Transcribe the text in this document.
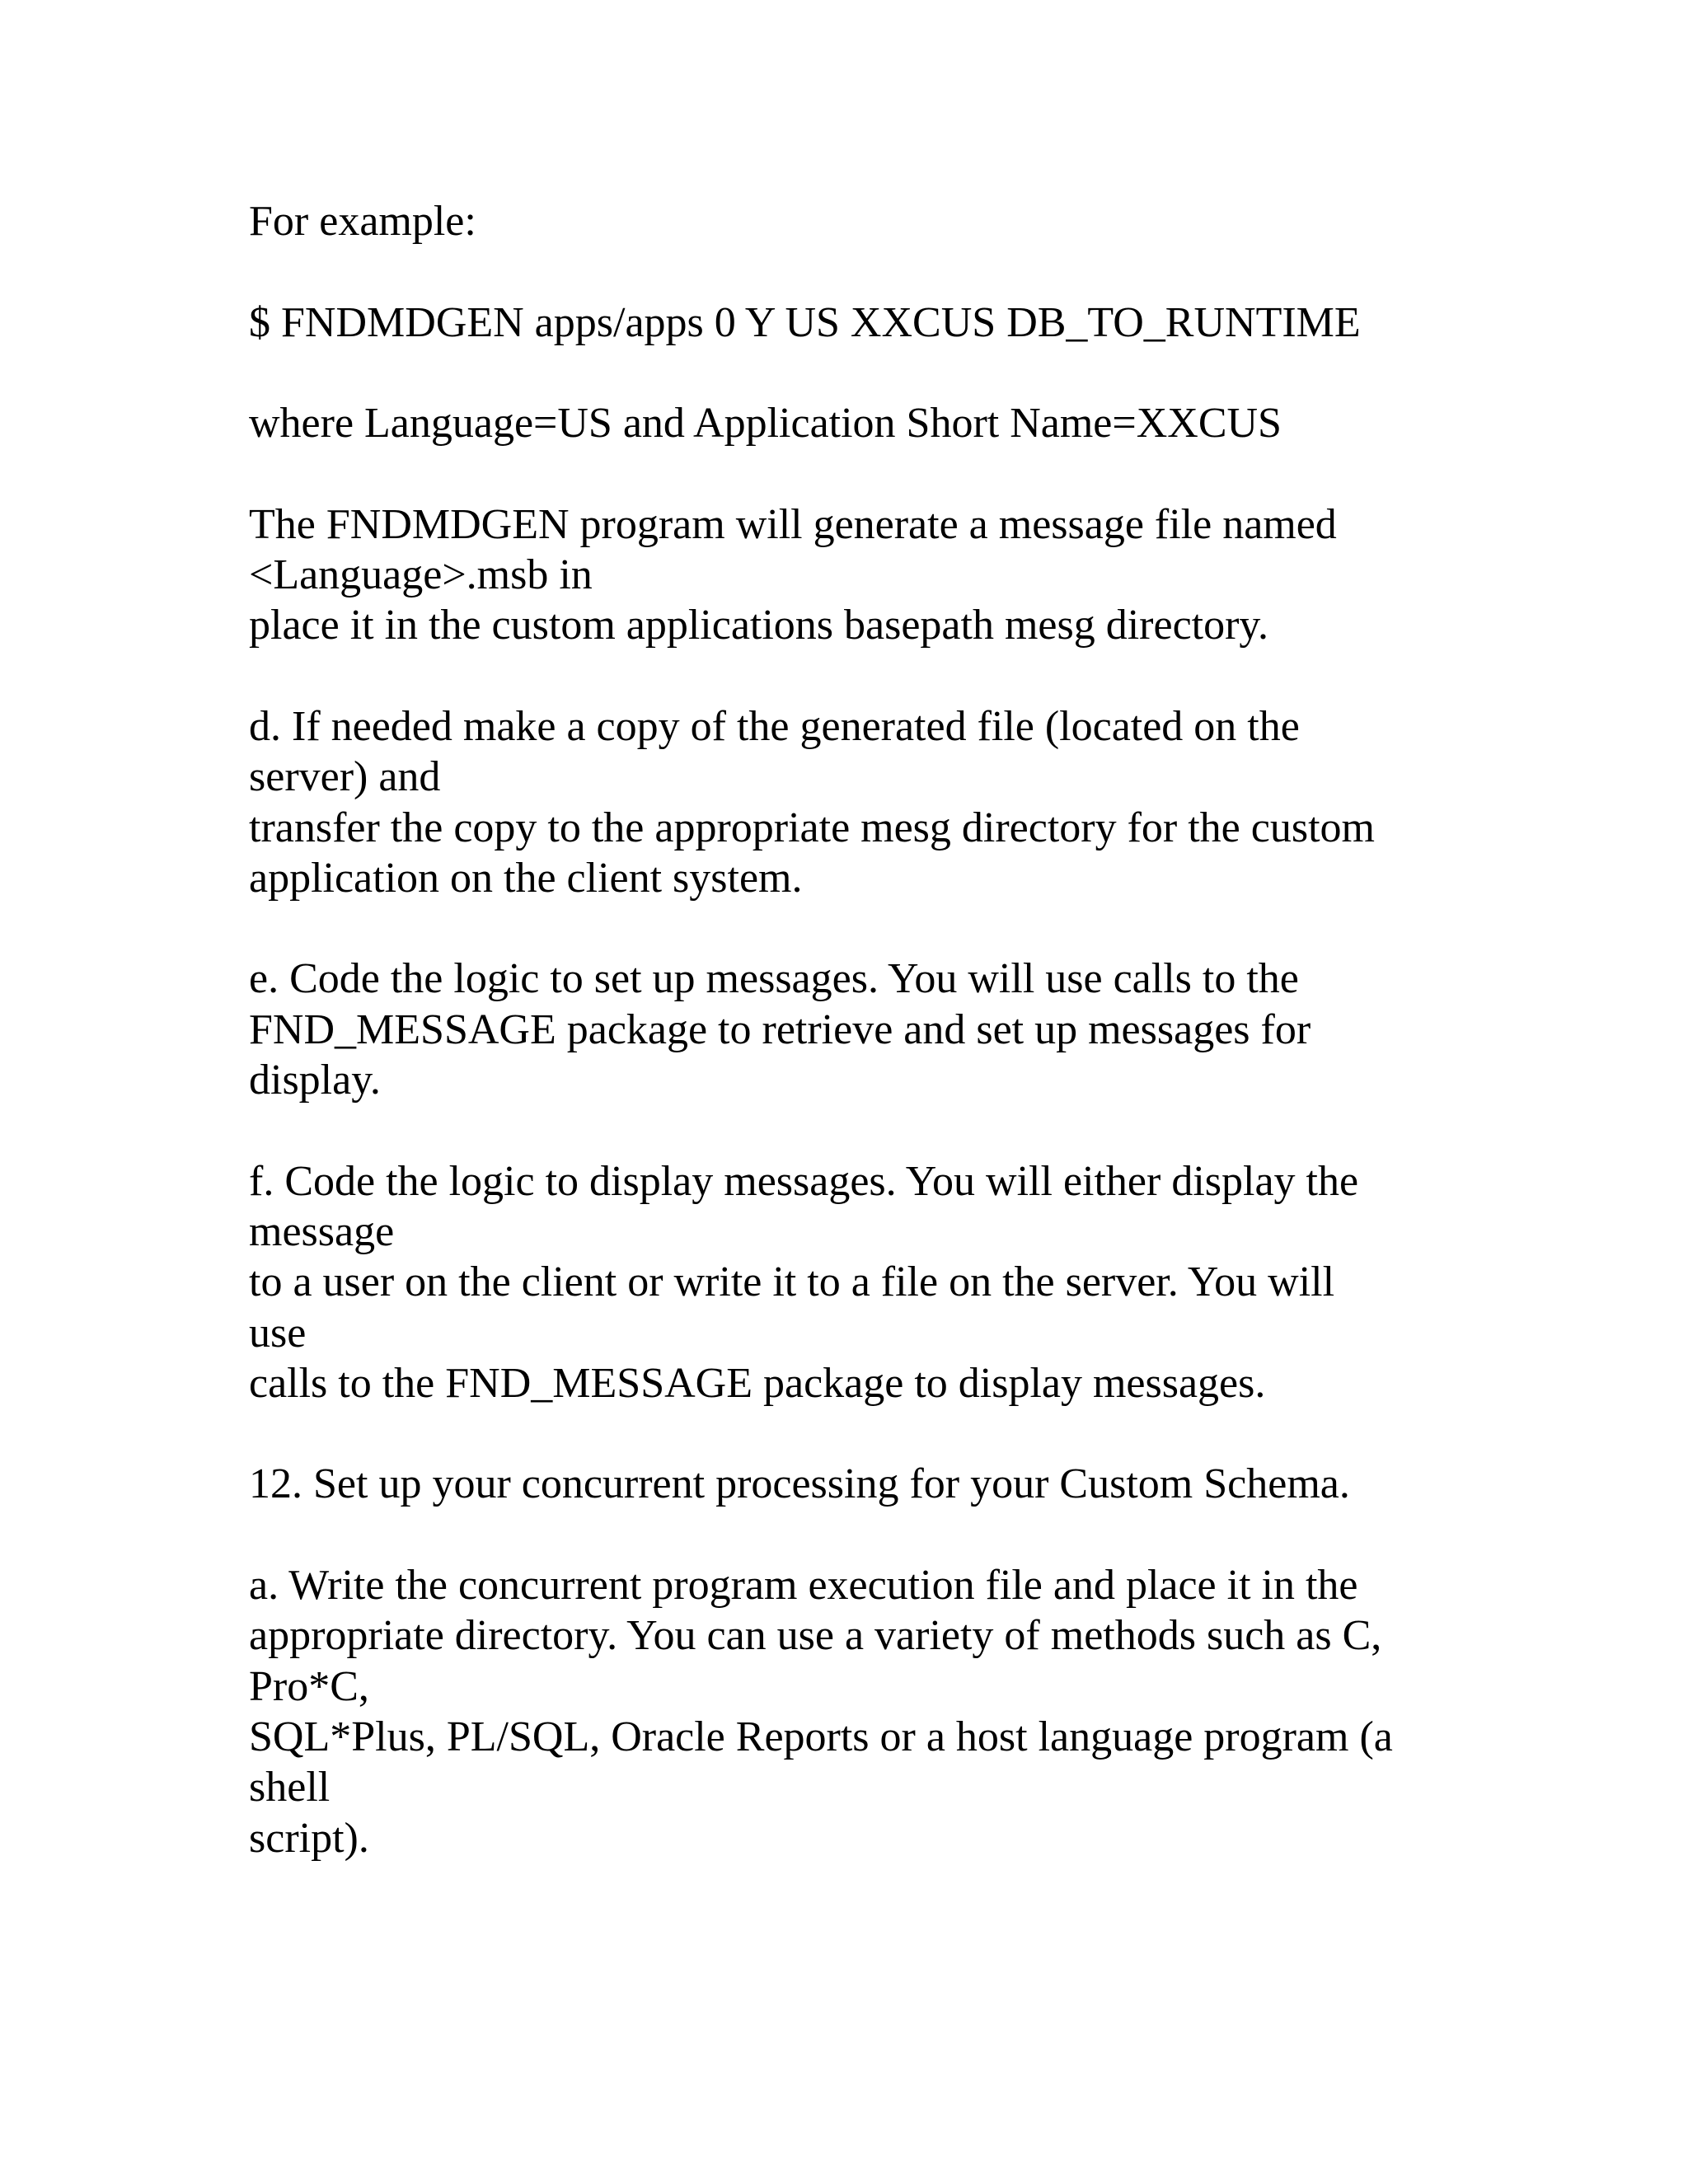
For example:

$ FNDMDGEN apps/apps 0 Y US XXCUS DB_TO_RUNTIME

where Language=US and Application Short Name=XXCUS

The FNDMDGEN program will generate a message file named
<Language>.msb in
place it in the custom applications basepath mesg directory.

d. If needed make a copy of the generated file (located on the
server) and
transfer the copy to the appropriate mesg directory for the custom
application on the client system.

e. Code the logic to set up messages. You will use calls to the
FND_MESSAGE package to retrieve and set up messages for
display.

f. Code the logic to display messages. You will either display the
message
to a user on the client or write it to a file on the server. You will
use
calls to the FND_MESSAGE package to display messages.

12. Set up your concurrent processing for your Custom Schema.

a. Write the concurrent program execution file and place it in the
appropriate directory. You can use a variety of methods such as C,
Pro*C,
SQL*Plus, PL/SQL, Oracle Reports or a host language program (a
shell
script).
